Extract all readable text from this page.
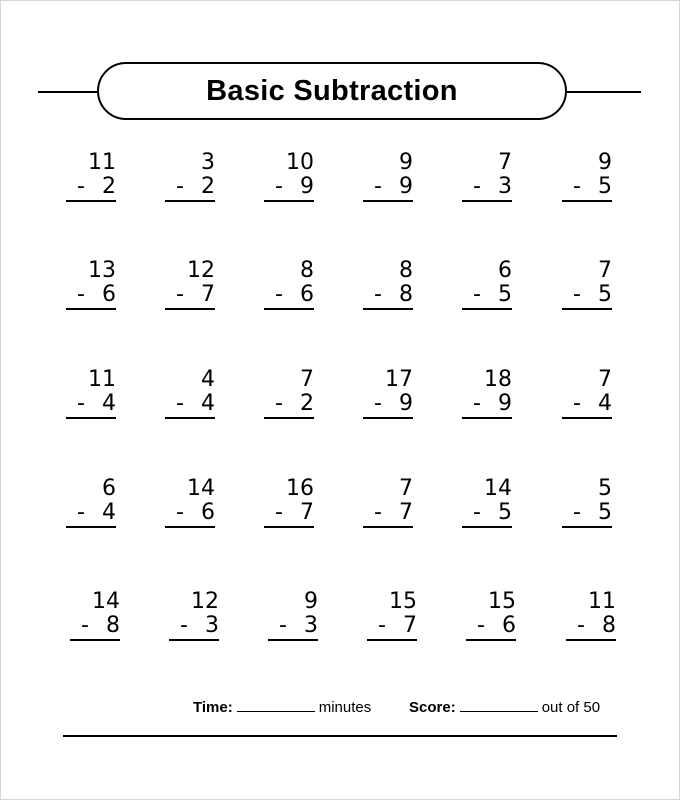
Basic Subtraction
11
- 2
3
- 2
10
- 9
9
- 9
7
- 3
9
- 5
13
- 6
12
- 7
8
- 6
8
- 8
6
- 5
7
- 5
11
- 4
4
- 4
7
- 2
17
- 9
18
- 9
7
- 4
6
- 4
14
- 6
16
- 7
7
- 7
14
- 5
5
- 5
14
- 8
12
- 3
9
- 3
15
- 7
15
- 6
11
- 8
Time:	minutes	Score:	out of 50
